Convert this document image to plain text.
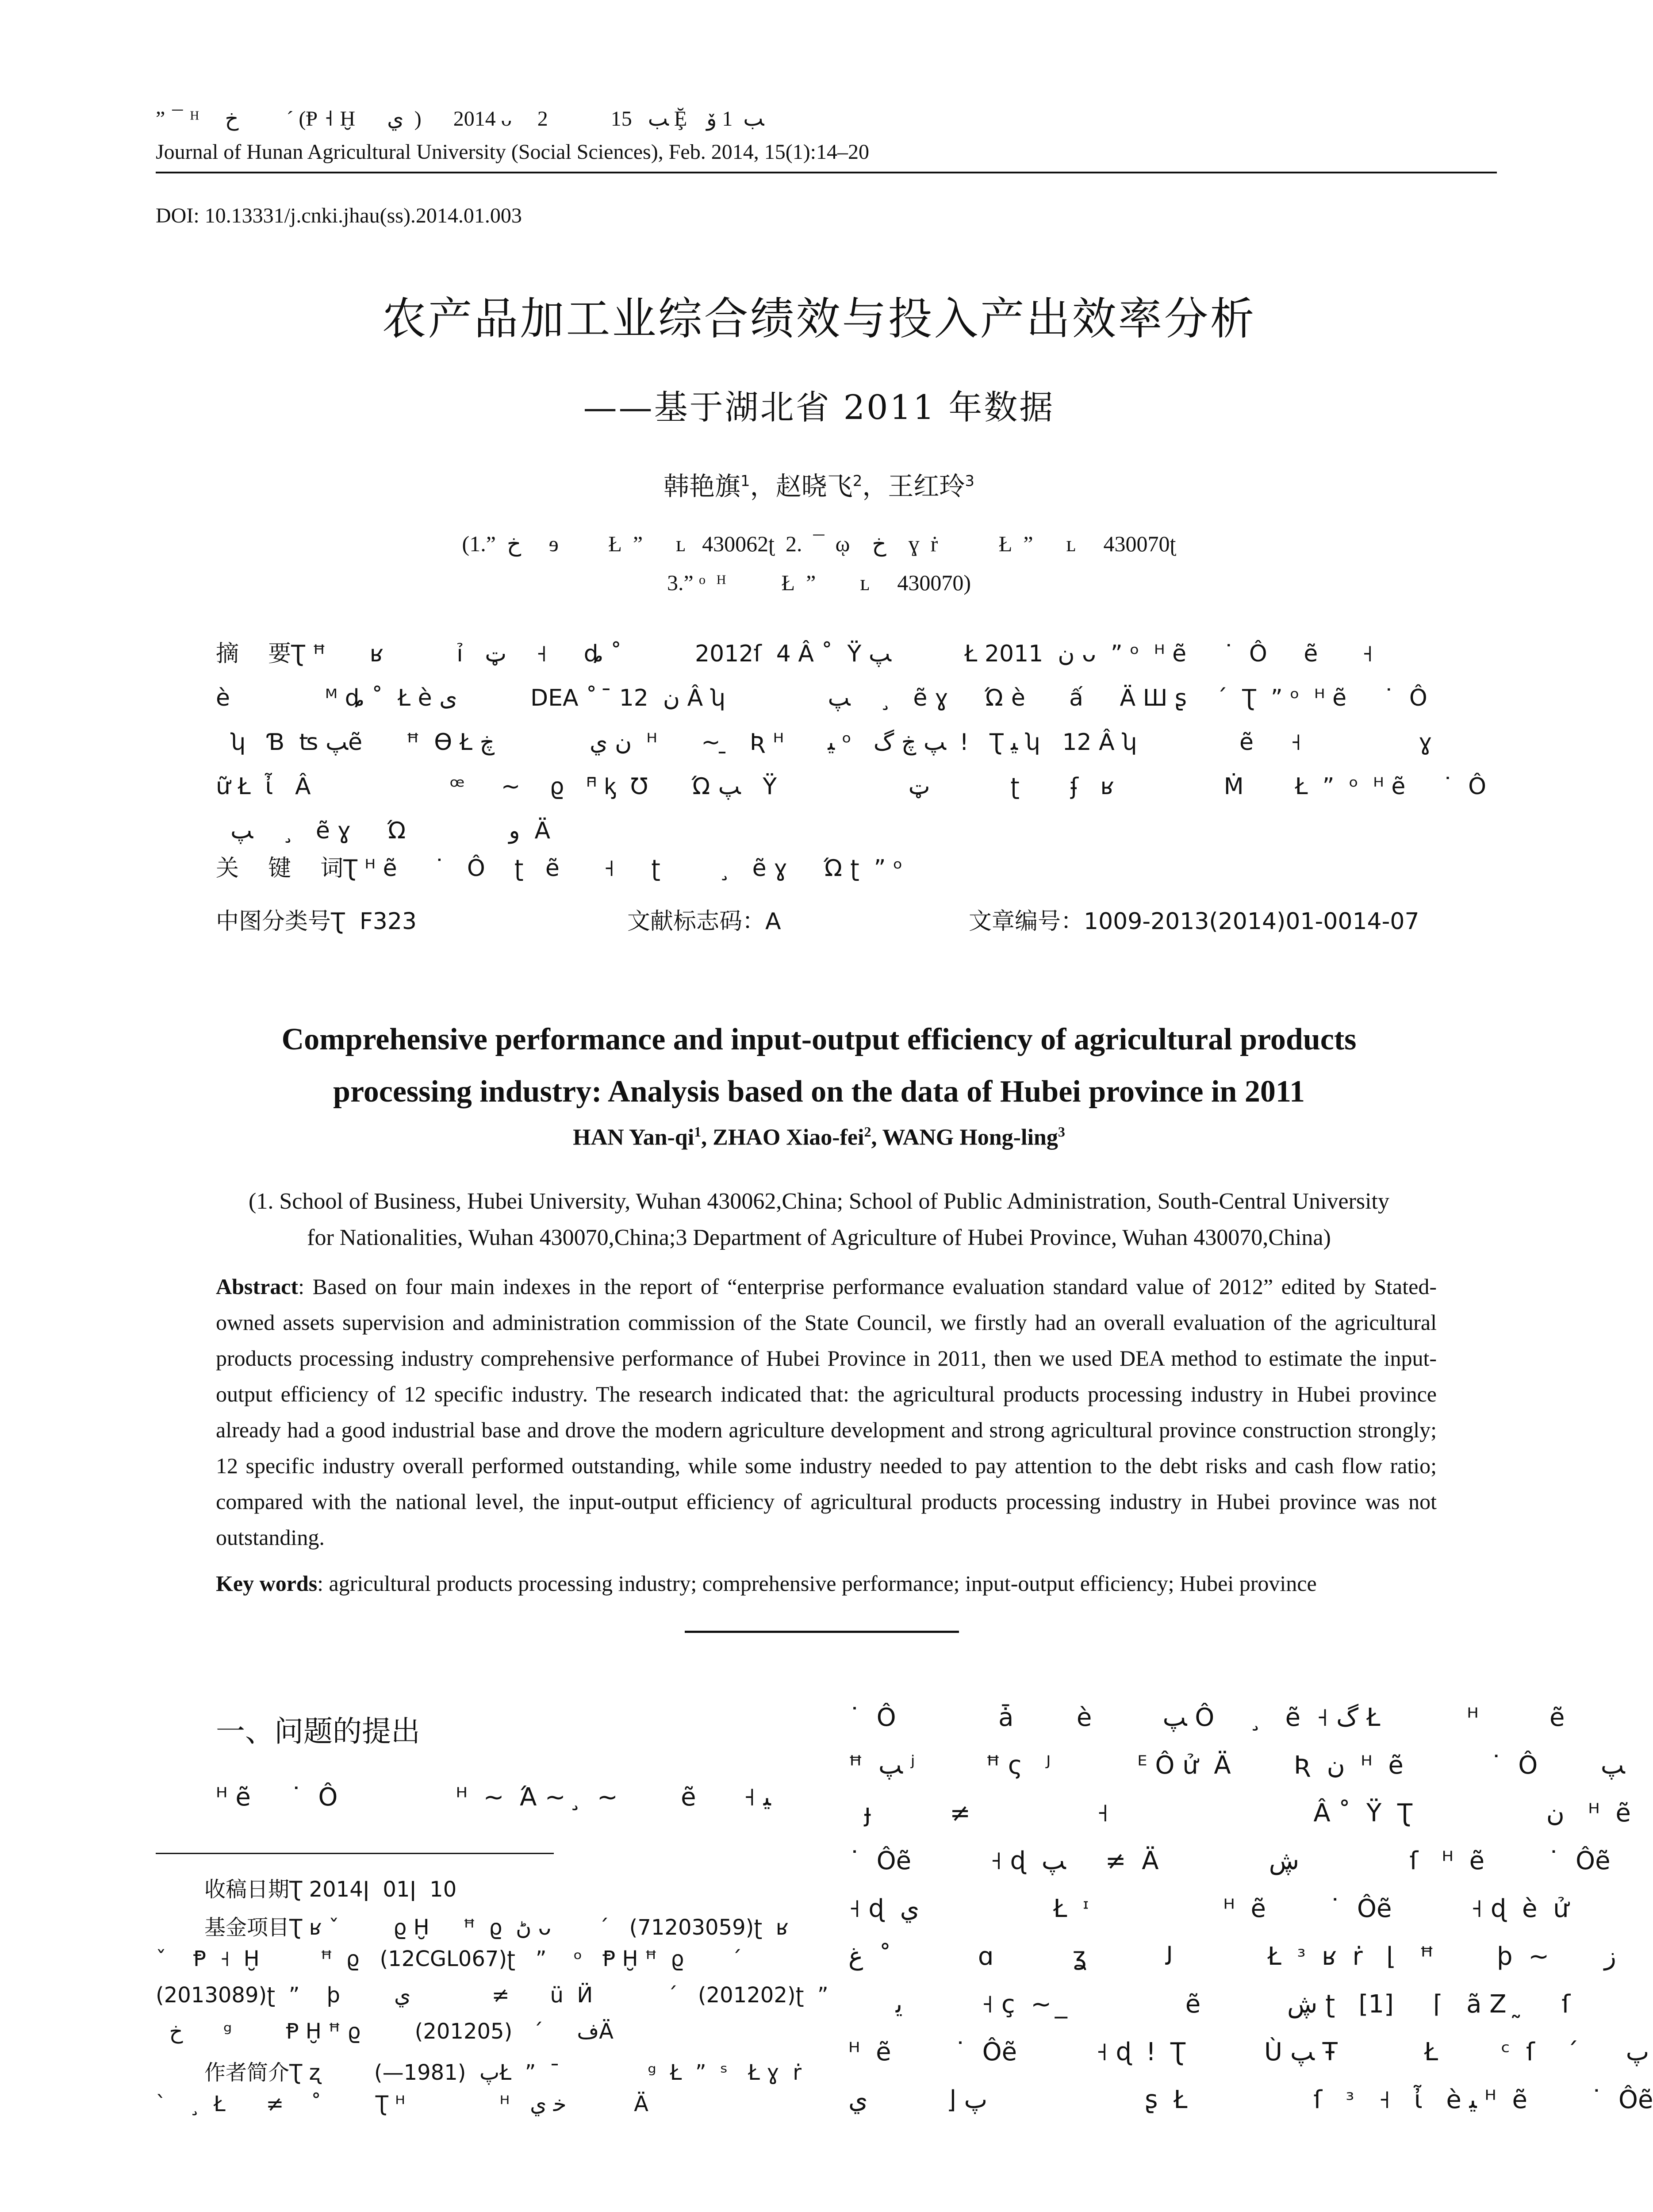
” ¯ ᴴ    ﺥ         ˊ (Ᵽ ˧ Ḫ     ي  )      2014 ᴗ    2          ﺐ   15 Ḝ   ﺐ  1 ﯙ
Journal of Hunan Agricultural University (Social Sciences), Feb. 2014, 15(1):14–20
DOI: 10.13331/j.cnki.jhau(ss).2014.01.003
农产品加工业综合绩效与投入产出效率分析
——基于湖北省 2011 年数据
韩艳旗$^1$，赵晓飞$^2$，王红玲$^3$
(1.”  ﺥ     ɘ         Ł  ”      ʟ   430062ʈ  2.  ¯  ῳ    ﺥ    ɣ  ṙ           Ł  ”      ʟ     430070ʈ
3.” ᵒ  ᴴ          Ł  ”        ʟ     430070)
摘    要Ʈ ꟸ      ʁ          ỉ   ټ    ˧     ȡ ˚          2012ſ  4 Â ˚  Ÿ ﭗ          Ł ﻥ  2011 ᴗ  ” ᵒ  ᴴ ẽ     ˙  Ô     ẽ      ˧
è             ᴹ ȡ ˚  Ł è ﯼ          DEA ˚  ̄ ﻥ  12 Â ʮ              ﭗ    ¸   ẽ ɣ     Ώ è      ấ     Ä Ш ʂ    ˊ  Ʈ  ” ᵒ  ᴴ ẽ     ˙  Ô
ʮ   Ɓ  ʦ ﭗẽ      ꟸ  Ɵ Ł ﻥ ي             ڿ  ᴴ      ~ ̱   Ʀ ᴴ      ﯿ ᵒ   ﭗ ڿ گ  ǃ   Ʈ ﯿ ʮ   12 Â ʮ              ẽ     ˧                ɣ
ữ Ł  ἶ   Â                   ꟹ     ~    ϱ   ᴴ̄ ᶄ  Ʊ      Ώ ﭗ   Ÿ                  ټ           ʈ       ʄ   ʁ               Ṁ       Ł  ”  ᵒ  ᴴ ẽ     ˙  Ô
ﭗ    ¸   ẽ ɣ     Ώ              ﻭ  Ä
关    键    词Ʈ ᴴ ẽ     ˙   Ô    ʈ   ẽ      ˧     ʈ        ¸   ẽ ɣ     Ώ ʈ  ” ᵒ
中图分类号Ʈ  F323	文献标志码：A	文章编号：1009-2013(2014)01-0014-07
Comprehensive performance and input-output efficiency of agricultural products
processing industry: Analysis based on the data of Hubei province in 2011
HAN Yan-$qi^1$, ZHAO Xiao-fei$^2$, WANG Hong-ling$^3$
(1. School of Business, Hubei University, Wuhan 430062,China; School of Public Administration, South-Central University
for Nationalities, Wuhan 430070,China;3 Department of Agriculture of Hubei Province, Wuhan 430070,China)
Abstract: Based on four main indexes in the report of “enterprise performance evaluation standard value of 2012” edited by Stated-owned assets supervision and administration commission of the State Council, we firstly had an overall evaluation of the agricultural products processing industry comprehensive performance of Hubei Province in 2011, then we used DEA method to estimate the input-output efficiency of 12 specific industry. The research indicated that: the agricultural products processing industry in Hubei province already had a good industrial base and drove the modern agriculture development and strong agricultural province construction strongly; 12 specific industry overall performed outstanding, while some industry needed to pay attention to the debt risks and cash flow ratio; compared with the national level, the input-output efficiency of agricultural products processing industry in Hubei province was not outstanding.
Key words: agricultural products processing industry; comprehensive performance; input-output efficiency; Hubei province
一、问题的提出
ᴴ ẽ     ˙  Ô               ᴴ  ~  Ά ~  ̧  ~        ẽ      ˧ ﯿ
收稿日期Ʈ 2014ǀ  01ǀ  10
基金项目Ʈ ʁ ˇ        ϱ Ḫ     ꟸ  ϱ  ڻ ᴗ       ˊ   (71203059)ʈ  ʁ
ˇ    Ᵽ  ˧  Ḫ         ꟸ  ϱ   (12CGL067)ʈ   ”    ᵒ   Ᵽ Ḫ ꟸ  ϱ       ˊ
(2013089)ʈ  ”    ϸ        ي            ≠      ü  Ӥ           ˊ   (201202)ʈ  ”
ﺥ      ᵍ        Ᵽ Ḫ ꟸ ϱ        ﻑ     ˊ   (201205)Ä
作者简介Ʈ ʐ        ﭖ  (1981—)Ł  ”  ¯             ᵍ  Ł  ”  ˢ   Ł ɣ  ṙ
ˋ     ̧  Ł      ≠    ˚        Ʈ ᴴ              ᴴ   ﺧ ي          Ä
˙  Ô             ǡ        è         ﭗ Ô      ̧   ẽ  ˧ گ Ł           ᴴ         ẽ
ꟸ  ﭗ ʲ         ꟸ ς   ᴶ           ᴱ Ô ử  Ä        Ʀ  ﻥ  ᴴ  ẽ           ˙  Ô        ﭗ
ɟ          ≠                ˧                          Â ˚  Ÿ  Ʈ                 ﻥ   ᴴ  ẽ
˙  Ôẽ          ˧ ɖ  ﭗ     ≠  Ä              ڜ              ſ   ᴴ  ẽ        ˙  Ôẽ
˧ ɖ  ي                 Ł  ᶦ                 ᴴ  ẽ        ˙  Ôẽ          ˧ ɖ  è  ử
ﻍ  ˚           ɑ          ʓ          ﻟ            Ł  ᶟ  ʁ  ṙ   ⌊   ꟸ        ϸ  ~       ﺯ
ﻳ          ˧ ç  ~  ̲               ẽ           ڜ ʈ   [1]     ⌈   ã Ζ  ̰     ſ
ᴴ  ẽ        ˙  Ôẽ          ˧ ɖ  ǃ  Ʈ          Ù ﭗ Ŧ           Ł        ᶜ  ſ    ˊ      ﭖ
ﭖ ⌊          ي                    ʂ  Ł                ſ   ᶟ   ˧   ἶ   è ﯿ ᴴ  ẽ        ˙  Ôẽ
